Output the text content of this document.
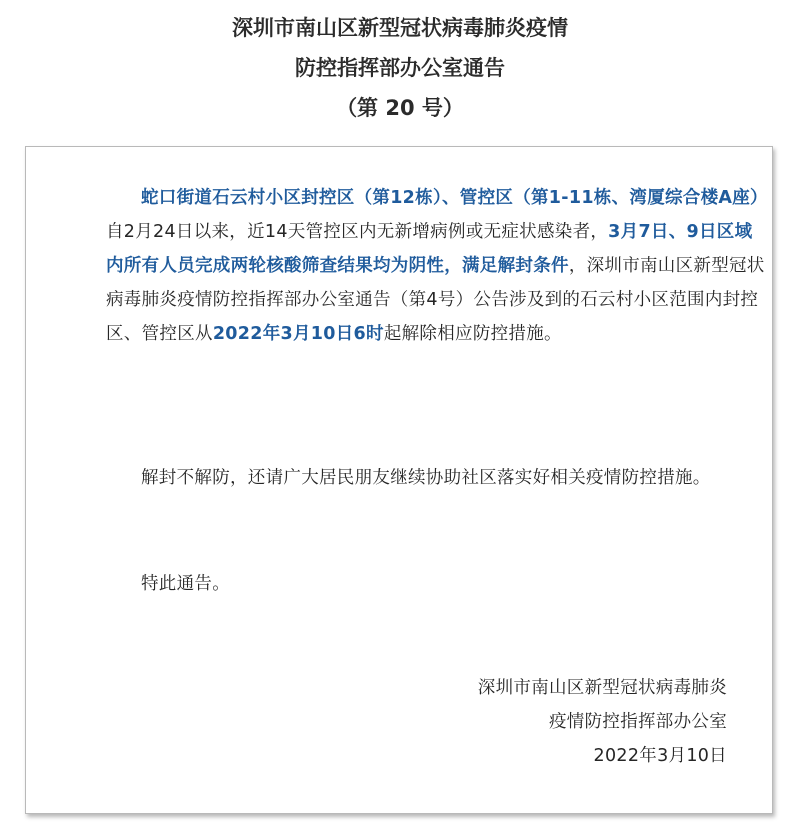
深圳市南山区新型冠状病毒肺炎疫情
防控指挥部办公室通告
（第 20 号）
蛇口街道石云村小区封控区（第12栋）、管控区（第1-11栋、湾厦综合楼A座）自2月24日以来，近14天管控区内无新增病例或无症状感染者，3月7日、9日区域内所有人员完成两轮核酸筛查结果均为阴性，满足解封条件，深圳市南山区新型冠状病毒肺炎疫情防控指挥部办公室通告（第4号）公告涉及到的石云村小区范围内封控区、管控区从2022年3月10日6时起解除相应防控措施。
解封不解防，还请广大居民朋友继续协助社区落实好相关疫情防控措施。
特此通告。
深圳市南山区新型冠状病毒肺炎
疫情防控指挥部办公室
2022年3月10日
